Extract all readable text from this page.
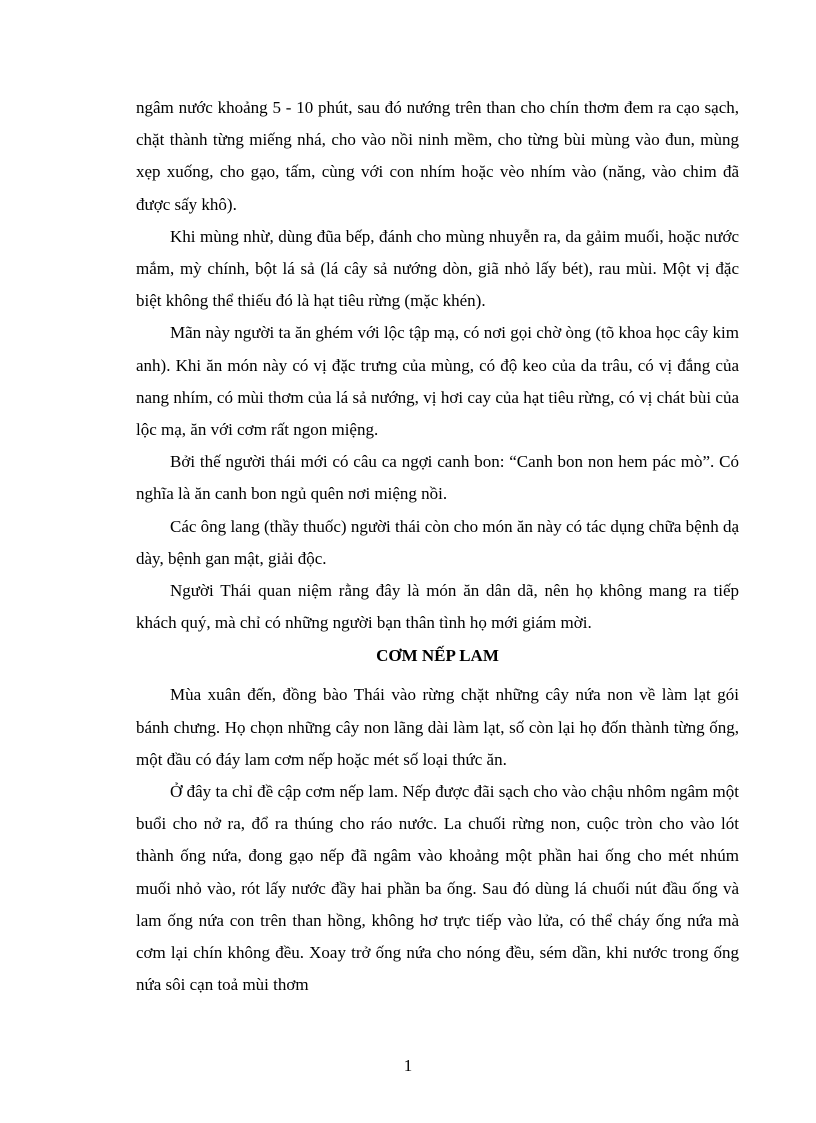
ngâm nước khoảng 5 - 10 phút, sau đó nướng trên than cho chín thơm đem ra cạo sạch, chặt thành từng miếng nhá, cho vào nồi ninh mềm, cho từng bùi mùng vào đun, mùng xẹp xuống, cho gạo, tấm, cùng với con nhím hoặc vèo nhím vào (năng, vào chim đã được sấy khô).

Khi mùng nhừ, dùng đũa bếp, đánh cho mùng nhuyễn ra, da gảim muối, hoặc nước mắm, mỳ chính, bột lá sả (lá cây sả nướng dòn, giã nhỏ lấy bét), rau mùi. Một vị đặc biệt không thể thiếu đó là hạt tiêu rừng (mặc khén).

Mãn này người ta ăn ghém với lộc tập mạ, có nơi gọi chờ òng (tõ khoa học cây kim anh). Khi ăn món này có vị đặc trưng của mùng, có độ keo của da trâu, có vị đắng của nang nhím, có mùi thơm của lá sả nướng, vị hơi cay của hạt tiêu rừng, có vị chát bùi của lộc mạ, ăn với cơm rất ngon miệng.

Bởi thế người thái mới có câu ca ngợi canh bon: “Canh bon non hem pác mò”. Có nghĩa là ăn canh bon ngủ quên nơi miệng nồi.

Các ông lang (thầy thuốc) người thái còn cho món ăn này có tác dụng chữa bệnh dạ dày, bệnh gan mật, giải độc.

Người Thái quan niệm rằng đây là món ăn dân dã, nên họ không mang ra tiếp khách quý, mà chỉ có những người bạn thân tình họ mới giám mời.

CƠM NẾP LAM

Mùa xuân đến, đồng bào Thái vào rừng chặt những cây nứa non về làm lạt gói bánh chưng. Họ chọn những cây non lãng dài làm lạt, số còn lại họ đốn thành từng ống, một đầu có đáy lam cơm nếp hoặc mét số loại thức ăn.

Ở đây ta chỉ đề cập cơm nếp lam. Nếp được đãi sạch cho vào chậu nhôm ngâm một buổi cho nở ra, đổ ra thúng cho ráo nước. La chuối rừng non, cuộc tròn cho vào lót thành ống nứa, đong gạo nếp đã ngâm vào khoảng một phần hai ống cho mét nhúm muối nhỏ vào, rót lấy nước đầy hai phần ba ống. Sau đó dùng lá chuối nút đầu ống và lam ống nứa con trên than hồng, không hơ trực tiếp vào lửa, có thể cháy ống nứa mà cơm lại chín không đều. Xoay trở ống nứa cho nóng đều, sém dần, khi nước trong ống nứa sôi cạn toả mùi thơm

1
